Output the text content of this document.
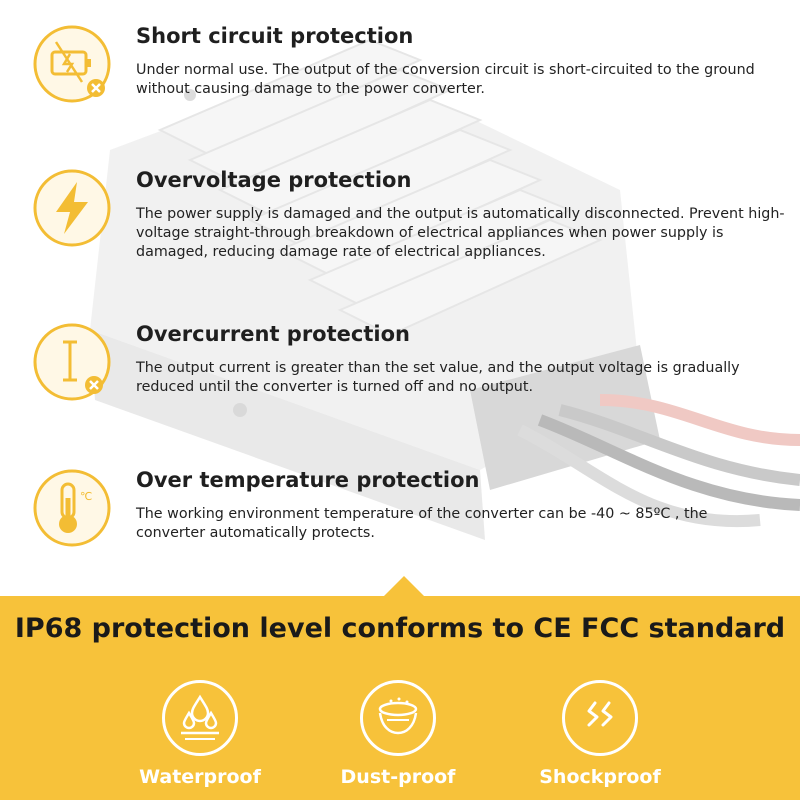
Short circuit protection
Under normal use. The output of the conversion circuit is short-circuited to the ground without causing damage to the power converter.
Overvoltage protection
The power supply is damaged and the output is automatically disconnected. Prevent high-voltage straight-through breakdown of electrical appliances when power supply is damaged, reducing damage rate of electrical appliances.
Overcurrent protection
The output current is greater than the set value, and the output voltage is gradually reduced until the converter is turned off and no output.
℃
Over temperature protection
The working environment temperature of the converter can be -40 ~ 85ºC , the converter automatically protects.
IP68 protection level conforms to CE FCC standard
Waterproof	Dust-proof	Shockproof
